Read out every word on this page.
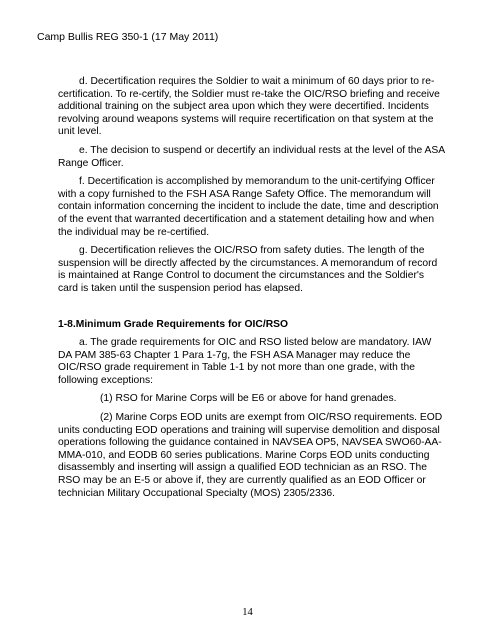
Camp Bullis REG 350-1 (17 May 2011)

d. Decertification requires the Soldier to wait a minimum of 60 days prior to re-certification. To re-certify, the Soldier must re-take the OIC/RSO briefing and receive additional training on the subject area upon which they were decertified. Incidents revolving around weapons systems will require recertification on that system at the unit level.

e. The decision to suspend or decertify an individual rests at the level of the ASA Range Officer.

f. Decertification is accomplished by memorandum to the unit-certifying Officer with a copy furnished to the FSH ASA Range Safety Office. The memorandum will contain information concerning the incident to include the date, time and description of the event that warranted decertification and a statement detailing how and when the individual may be re-certified.

g. Decertification relieves the OIC/RSO from safety duties. The length of the suspension will be directly affected by the circumstances. A memorandum of record is maintained at Range Control to document the circumstances and the Soldier's card is taken until the suspension period has elapsed.

1-8.Minimum Grade Requirements for OIC/RSO

a. The grade requirements for OIC and RSO listed below are mandatory. IAW DA PAM 385-63 Chapter 1 Para 1-7g, the FSH ASA Manager may reduce the OIC/RSO grade requirement in Table 1-1 by not more than one grade, with the following exceptions:

(1) RSO for Marine Corps will be E6 or above for hand grenades.

(2) Marine Corps EOD units are exempt from OIC/RSO requirements. EOD units conducting EOD operations and training will supervise demolition and disposal operations following the guidance contained in NAVSEA OP5, NAVSEA SWO60-AA-MMA-010, and EODB 60 series publications. Marine Corps EOD units conducting disassembly and inserting will assign a qualified EOD technician as an RSO. The RSO may be an E-5 or above if, they are currently qualified as an EOD Officer or technician Military Occupational Specialty (MOS) 2305/2336.

14
